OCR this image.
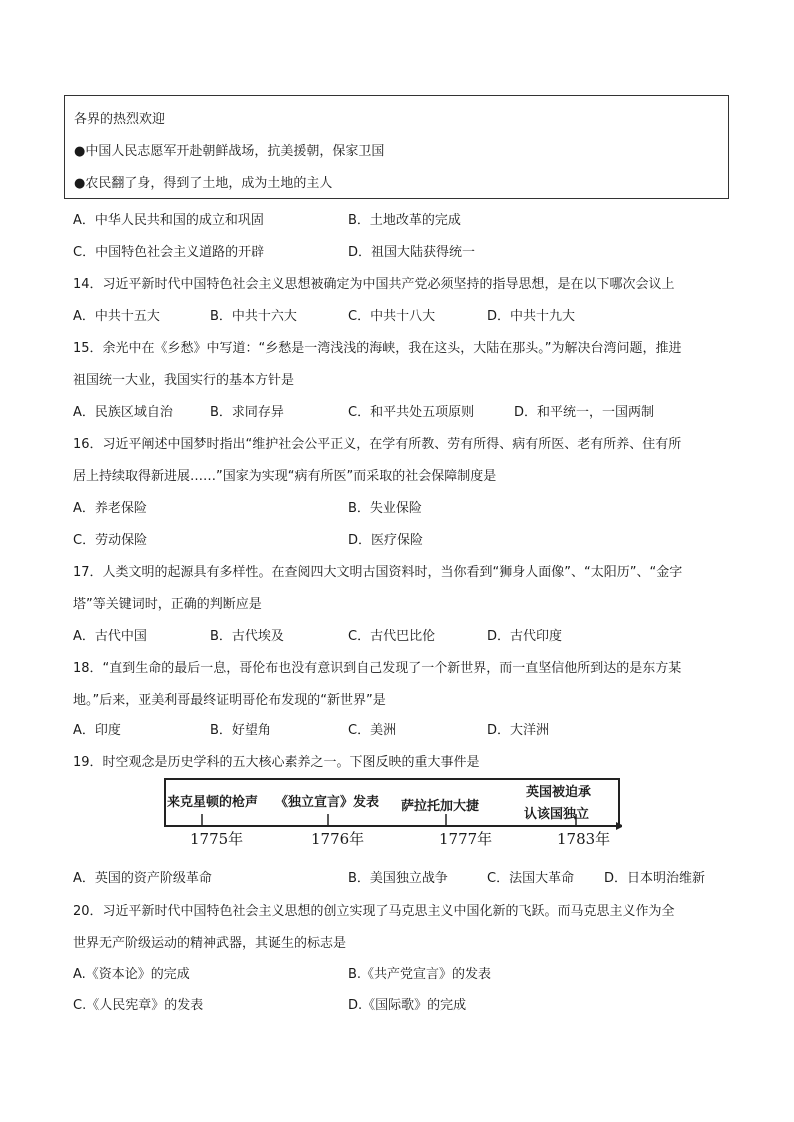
各界的热烈欢迎
●中国人民志愿军开赴朝鲜战场，抗美援朝，保家卫国
●农民翻了身，得到了土地，成为土地的主人
A．中华人民共和国的成立和巩固	B．土地改革的完成
C．中国特色社会主义道路的开辟	D．祖国大陆获得统一
14．习近平新时代中国特色社会主义思想被确定为中国共产党必须坚持的指导思想，是在以下哪次会议上
A．中共十五大	B．中共十六大	C．中共十八大	D．中共十九大
15．余光中在《乡愁》中写道：“乡愁是一湾浅浅的海峡，我在这头，大陆在那头。”为解决台湾问题，推进
祖国统一大业，我国实行的基本方针是
A．民族区域自治	B．求同存异	C．和平共处五项原则	D．和平统一，一国两制
16．习近平阐述中国梦时指出“维护社会公平正义，在学有所教、劳有所得、病有所医、老有所养、住有所
居上持续取得新进展……”国家为实现“病有所医”而采取的社会保障制度是
A．养老保险	B．失业保险
C．劳动保险	D．医疗保险
17．人类文明的起源具有多样性。在查阅四大文明古国资料时，当你看到“狮身人面像”、“太阳历”、“金字
塔”等关键词时，正确的判断应是
A．古代中国	B．古代埃及	C．古代巴比伦	D．古代印度
18．“直到生命的最后一息，哥伦布也没有意识到自己发现了一个新世界，而一直坚信他所到达的是东方某
地。”后来，亚美利哥最终证明哥伦布发现的“新世界”是
A．印度	B．好望角	C．美洲	D．大洋洲
19．时空观念是历史学科的五大核心素养之一。下图反映的重大事件是
来克星顿的枪声 《独立宣言》发表 萨拉托加大捷
英国被迫承
认该国独立
1775年	1776年	1777年	1783年
A．英国的资产阶级革命	B．美国独立战争	C．法国大革命 D．日本明治维新
20．习近平新时代中国特色社会主义思想的创立实现了马克思主义中国化新的飞跃。而马克思主义作为全
世界无产阶级运动的精神武器，其诞生的标志是
A.《资本论》的完成	B.《共产党宣言》的发表
C.《人民宪章》的发表	D.《国际歌》的完成
